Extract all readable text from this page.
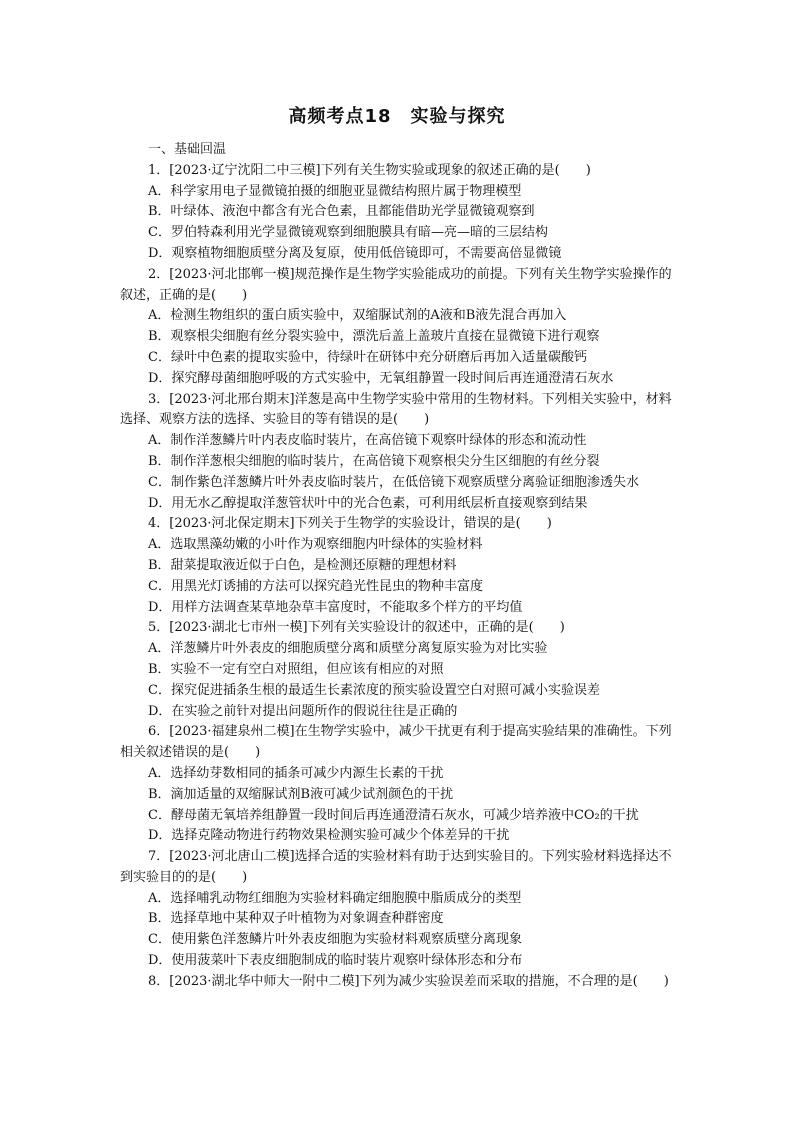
高频考点18　实验与探究
一、基础回温
1．[2023·辽宁沈阳二中三模]下列有关生物实验或现象的叙述正确的是(　　)
A．科学家用电子显微镜拍摄的细胞亚显微结构照片属于物理模型
B．叶绿体、液泡中都含有光合色素，且都能借助光学显微镜观察到
C．罗伯特森利用光学显微镜观察到细胞膜具有暗—亮—暗的三层结构
D．观察植物细胞质壁分离及复原，使用低倍镜即可，不需要高倍显微镜
2．[2023·河北邯郸一模]规范操作是生物学实验能成功的前提。下列有关生物学实验操作的叙述，正确的是(　　)
A．检测生物组织的蛋白质实验中，双缩脲试剂的A液和B液先混合再加入
B．观察根尖细胞有丝分裂实验中，漂洗后盖上盖玻片直接在显微镜下进行观察
C．绿叶中色素的提取实验中，待绿叶在研钵中充分研磨后再加入适量碳酸钙
D．探究酵母菌细胞呼吸的方式实验中，无氧组静置一段时间后再连通澄清石灰水
3．[2023·河北邢台期末]洋葱是高中生物学实验中常用的生物材料。下列相关实验中，材料选择、观察方法的选择、实验目的等有错误的是(　　)
A．制作洋葱鳞片叶内表皮临时装片，在高倍镜下观察叶绿体的形态和流动性
B．制作洋葱根尖细胞的临时装片，在高倍镜下观察根尖分生区细胞的有丝分裂
C．制作紫色洋葱鳞片叶外表皮临时装片，在低倍镜下观察质壁分离验证细胞渗透失水
D．用无水乙醇提取洋葱管状叶中的光合色素，可利用纸层析直接观察到结果
4．[2023·河北保定期末]下列关于生物学的实验设计，错误的是(　　)
A．选取黑藻幼嫩的小叶作为观察细胞内叶绿体的实验材料
B．甜菜提取液近似于白色，是检测还原糖的理想材料
C．用黑光灯诱捕的方法可以探究趋光性昆虫的物种丰富度
D．用样方法调查某草地杂草丰富度时，不能取多个样方的平均值
5．[2023·湖北七市州一模]下列有关实验设计的叙述中，正确的是(　　)
A．洋葱鳞片叶外表皮的细胞质壁分离和质壁分离复原实验为对比实验
B．实验不一定有空白对照组，但应该有相应的对照
C．探究促进插条生根的最适生长素浓度的预实验设置空白对照可减小实验误差
D．在实验之前针对提出问题所作的假说往往是正确的
6．[2023·福建泉州二模]在生物学实验中，减少干扰更有利于提高实验结果的准确性。下列相关叙述错误的是(　　)
A．选择幼芽数相同的插条可减少内源生长素的干扰
B．滴加适量的双缩脲试剂B液可减少试剂颜色的干扰
C．酵母菌无氧培养组静置一段时间后再连通澄清石灰水，可减少培养液中CO₂的干扰
D．选择克隆动物进行药物效果检测实验可减少个体差异的干扰
7．[2023·河北唐山二模]选择合适的实验材料有助于达到实验目的。下列实验材料选择达不到实验目的的是(　　)
A．选择哺乳动物红细胞为实验材料确定细胞膜中脂质成分的类型
B．选择草地中某种双子叶植物为对象调查种群密度
C．使用紫色洋葱鳞片叶外表皮细胞为实验材料观察质壁分离现象
D．使用菠菜叶下表皮细胞制成的临时装片观察叶绿体形态和分布
8．[2023·湖北华中师大一附中二模]下列为减少实验误差而采取的措施，不合理的是(　　)
